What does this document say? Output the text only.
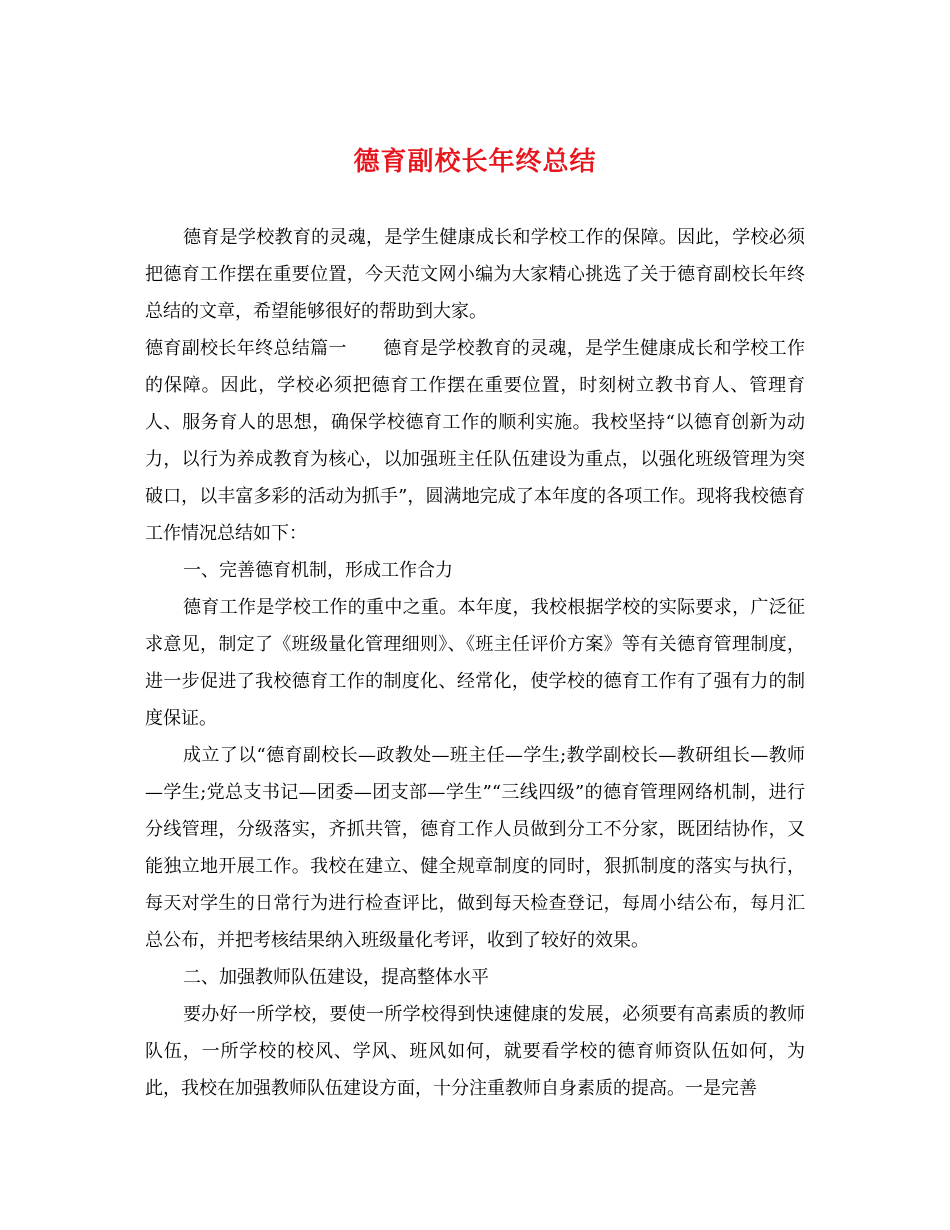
德育副校长年终总结

德育是学校教育的灵魂，是学生健康成长和学校工作的保障。因此，学校必须把德育工作摆在重要位置，今天范文网小编为大家精心挑选了关于德育副校长年终总结的文章，希望能够很好的帮助到大家。

德育副校长年终总结篇一 德育是学校教育的灵魂，是学生健康成长和学校工作的保障。因此，学校必须把德育工作摆在重要位置，时刻树立教书育人、管理育人、服务育人的思想，确保学校德育工作的顺利实施。我校坚持“以德育创新为动力，以行为养成教育为核心，以加强班主任队伍建设为重点，以强化班级管理为突破口，以丰富多彩的活动为抓手”，圆满地完成了本年度的各项工作。现将我校德育工作情况总结如下：

一、完善德育机制，形成工作合力

德育工作是学校工作的重中之重。本年度，我校根据学校的实际要求，广泛征求意见，制定了《班级量化管理细则》、《班主任评价方案》等有关德育管理制度，进一步促进了我校德育工作的制度化、经常化，使学校的德育工作有了强有力的制度保证。

成立了以“德育副校长—政教处—班主任—学生;教学副校长—教研组长—教师—学生;党总支书记—团委—团支部—学生”“三线四级”的德育管理网络机制，进行分线管理，分级落实，齐抓共管，德育工作人员做到分工不分家，既团结协作，又能独立地开展工作。我校在建立、健全规章制度的同时，狠抓制度的落实与执行，每天对学生的日常行为进行检查评比，做到每天检查登记，每周小结公布，每月汇总公布，并把考核结果纳入班级量化考评，收到了较好的效果。

二、加强教师队伍建设，提高整体水平

要办好一所学校，要使一所学校得到快速健康的发展，必须要有高素质的教师队伍，一所学校的校风、学风、班风如何，就要看学校的德育师资队伍如何，为此，我校在加强教师队伍建设方面，十分注重教师自身素质的提高。一是完善
